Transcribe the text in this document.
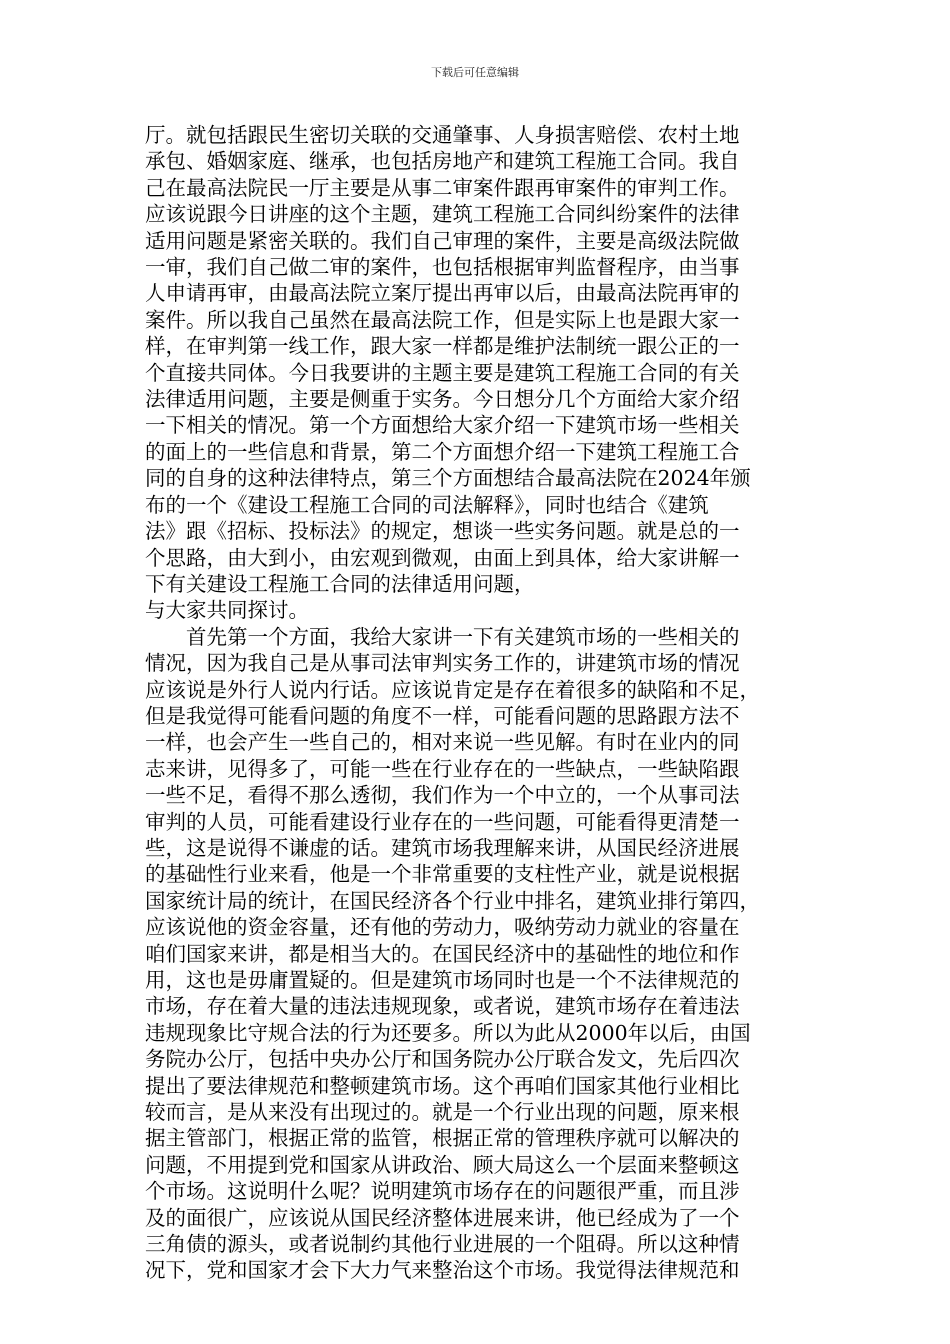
下载后可任意编辑

厅。就包括跟民生密切关联的交通肇事、人身损害赔偿、农村土地
承包、婚姻家庭、继承，也包括房地产和建筑工程施工合同。我自
己在最高法院民一厅主要是从事二审案件跟再审案件的审判工作。
应该说跟今日讲座的这个主题，建筑工程施工合同纠纷案件的法律
适用问题是紧密关联的。我们自己审理的案件，主要是高级法院做
一审，我们自己做二审的案件，也包括根据审判监督程序，由当事
人申请再审，由最高法院立案厅提出再审以后，由最高法院再审的
案件。所以我自己虽然在最高法院工作，但是实际上也是跟大家一
样，在审判第一线工作，跟大家一样都是维护法制统一跟公正的一
个直接共同体。今日我要讲的主题主要是建筑工程施工合同的有关
法律适用问题，主要是侧重于实务。今日想分几个方面给大家介绍
一下相关的情况。第一个方面想给大家介绍一下建筑市场一些相关
的面上的一些信息和背景，第二个方面想介绍一下建筑工程施工合
同的自身的这种法律特点，第三个方面想结合最高法院在2024年颁
布的一个《建设工程施工合同的司法解释》，同时也结合《建筑
法》跟《招标、投标法》的规定，想谈一些实务问题。就是总的一
个思路，由大到小，由宏观到微观，由面上到具体，给大家讲解一
下有关建设工程施工合同的法律适用问题，
与大家共同探讨。

　　首先第一个方面，我给大家讲一下有关建筑市场的一些相关的
情况，因为我自己是从事司法审判实务工作的，讲建筑市场的情况
应该说是外行人说内行话。应该说肯定是存在着很多的缺陷和不足，
但是我觉得可能看问题的角度不一样，可能看问题的思路跟方法不
一样，也会产生一些自己的，相对来说一些见解。有时在业内的同
志来讲，见得多了，可能一些在行业存在的一些缺点，一些缺陷跟
一些不足，看得不那么透彻，我们作为一个中立的，一个从事司法
审判的人员，可能看建设行业存在的一些问题，可能看得更清楚一
些，这是说得不谦虚的话。建筑市场我理解来讲，从国民经济进展
的基础性行业来看，他是一个非常重要的支柱性产业，就是说根据
国家统计局的统计，在国民经济各个行业中排名，建筑业排行第四，
应该说他的资金容量，还有他的劳动力，吸纳劳动力就业的容量在
咱们国家来讲，都是相当大的。在国民经济中的基础性的地位和作
用，这也是毋庸置疑的。但是建筑市场同时也是一个不法律规范的
市场，存在着大量的违法违规现象，或者说，建筑市场存在着违法
违规现象比守规合法的行为还要多。所以为此从2000年以后，由国
务院办公厅，包括中央办公厅和国务院办公厅联合发文，先后四次
提出了要法律规范和整顿建筑市场。这个再咱们国家其他行业相比
较而言，是从来没有出现过的。就是一个行业出现的问题，原来根
据主管部门，根据正常的监管，根据正常的管理秩序就可以解决的
问题，不用提到党和国家从讲政治、顾大局这么一个层面来整顿这
个市场。这说明什么呢？说明建筑市场存在的问题很严重，而且涉
及的面很广，应该说从国民经济整体进展来讲，他已经成为了一个
三角债的源头，或者说制约其他行业进展的一个阻碍。所以这种情
况下，党和国家才会下大力气来整治这个市场。我觉得法律规范和
